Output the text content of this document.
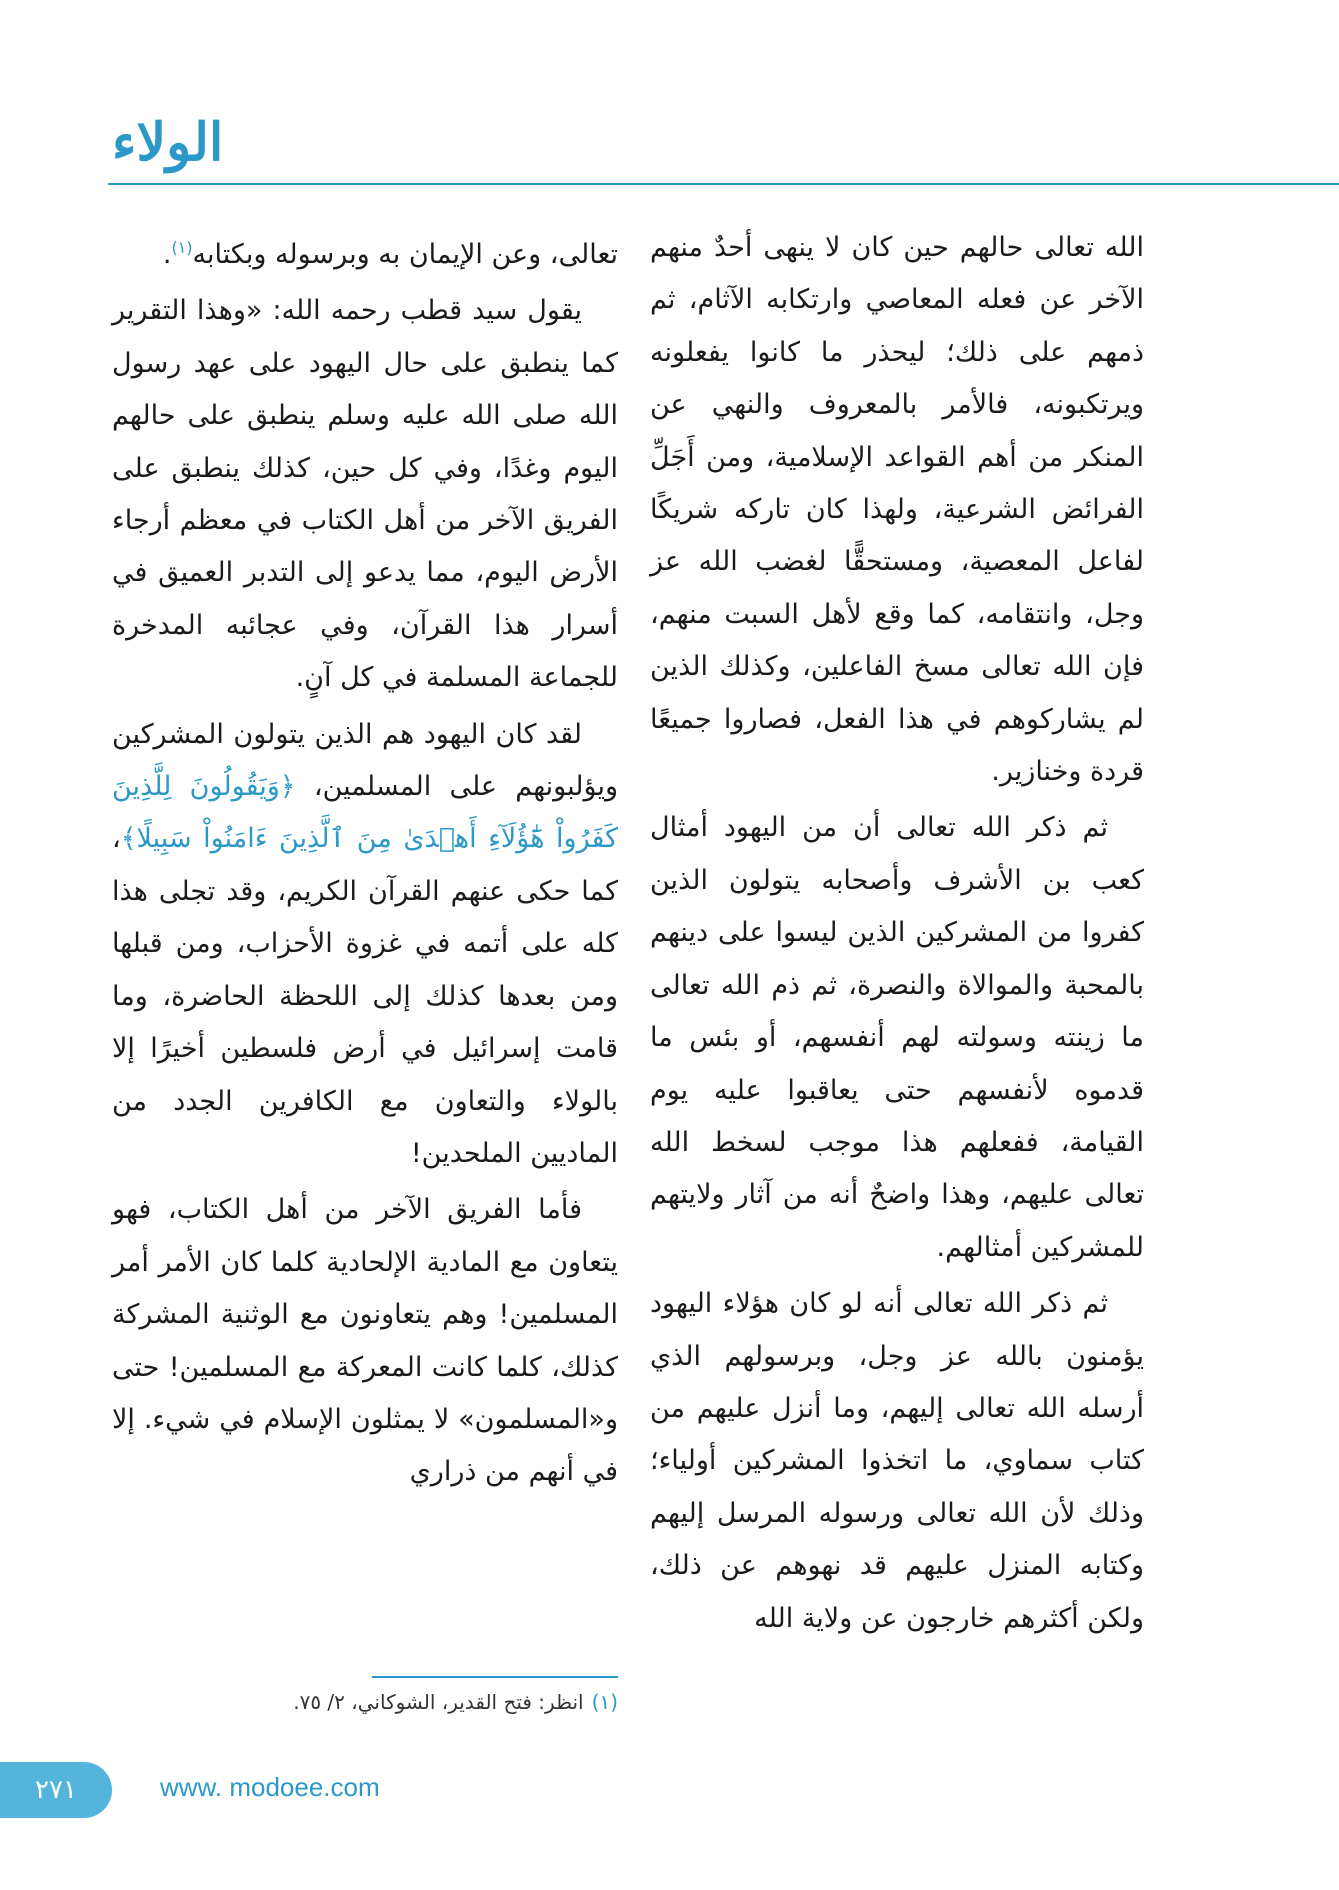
الولاء

الله تعالى حالهم حين كان لا ينهى أحدٌ منهم الآخر عن فعله المعاصي وارتكابه الآثام، ثم ذمهم على ذلك؛ ليحذر ما كانوا يفعلونه ويرتكبونه، فالأمر بالمعروف والنهي عن المنكر من أهم القواعد الإسلامية، ومن أَجَلِّ الفرائض الشرعية، ولهذا كان تاركه شريكًا لفاعل المعصية، ومستحقًّا لغضب الله عز وجل، وانتقامه، كما وقع لأهل السبت منهم، فإن الله تعالى مسخ الفاعلين، وكذلك الذين لم يشاركوهم في هذا الفعل، فصاروا جميعًا قردة وخنازير.

ثم ذكر الله تعالى أن من اليهود أمثال كعب بن الأشرف وأصحابه يتولون الذين كفروا من المشركين الذين ليسوا على دينهم بالمحبة والموالاة والنصرة، ثم ذم الله تعالى ما زينته وسولته لهم أنفسهم، أو بئس ما قدموه لأنفسهم حتى يعاقبوا عليه يوم القيامة، ففعلهم هذا موجب لسخط الله تعالى عليهم، وهذا واضحٌ أنه من آثار ولايتهم للمشركين أمثالهم.

ثم ذكر الله تعالى أنه لو كان هؤلاء اليهود يؤمنون بالله عز وجل، وبرسولهم الذي أرسله الله تعالى إليهم، وما أنزل عليهم من كتاب سماوي، ما اتخذوا المشركين أولياء؛ وذلك لأن الله تعالى ورسوله المرسل إليهم وكتابه المنزل عليهم قد نهوهم عن ذلك، ولكن أكثرهم خارجون عن ولاية الله

تعالى، وعن الإيمان به وبرسوله وبكتابه$^{(١)}$.

يقول سيد قطب رحمه الله: «وهذا التقرير كما ينطبق على حال اليهود على عهد رسول الله صلى الله عليه وسلم ينطبق على حالهم اليوم وغدًا، وفي كل حين، كذلك ينطبق على الفريق الآخر من أهل الكتاب في معظم أرجاء الأرض اليوم، مما يدعو إلى التدبر العميق في أسرار هذا القرآن، وفي عجائبه المدخرة للجماعة المسلمة في كل آنٍ.

لقد كان اليهود هم الذين يتولون المشركين ويؤلبونهم على المسلمين، ﴿وَيَقُولُونَ لِلَّذِينَ كَفَرُواْ هَٰٓؤُلَآءِ أَهۡدَىٰ مِنَ ٱلَّذِينَ ءَامَنُواْ سَبِيلًا﴾، كما حكى عنهم القرآن الكريم، وقد تجلى هذا كله على أتمه في غزوة الأحزاب، ومن قبلها ومن بعدها كذلك إلى اللحظة الحاضرة، وما قامت إسرائيل في أرض فلسطين أخيرًا إلا بالولاء والتعاون مع الكافرين الجدد من الماديين الملحدين!

فأما الفريق الآخر من أهل الكتاب، فهو يتعاون مع المادية الإلحادية كلما كان الأمر أمر المسلمين! وهم يتعاونون مع الوثنية المشركة كذلك، كلما كانت المعركة مع المسلمين! حتى و«المسلمون» لا يمثلون الإسلام في شيء. إلا في أنهم من ذراري

(١)انظر: فتح القدير، الشوكاني، ٢/ ٧٥.
٢٧١	www. modoee.com
